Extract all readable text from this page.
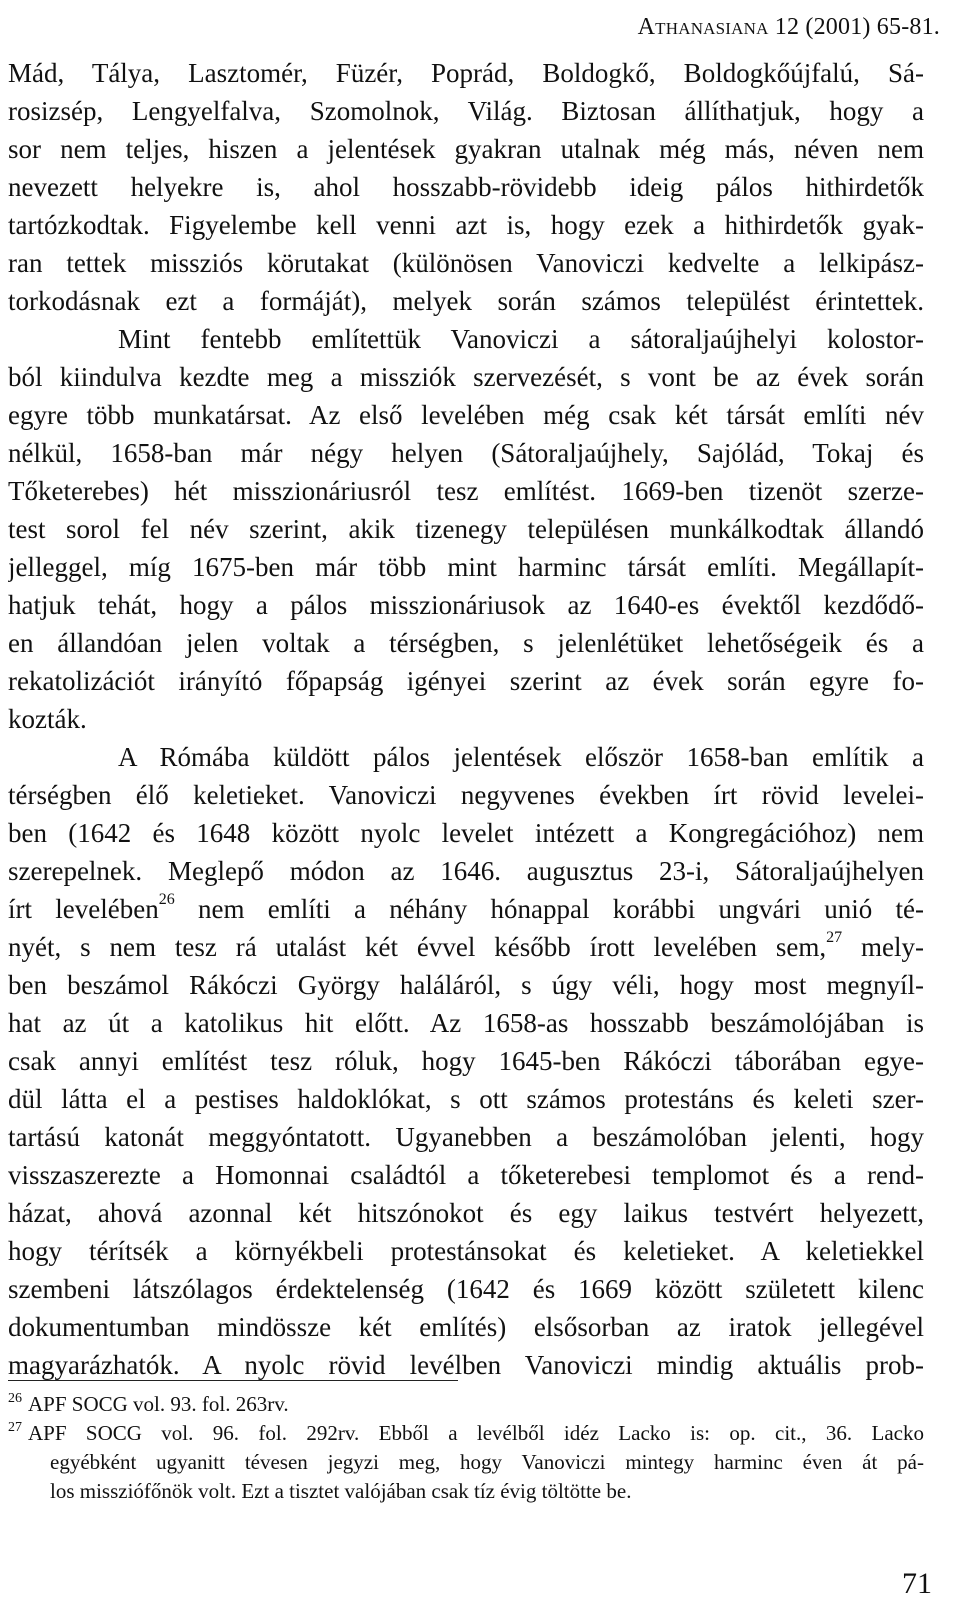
Athanasiana 12 (2001) 65-81.
Mád, Tálya, Lasztomér, Füzér, Poprád, Boldogkő, Boldogkőújfalú, Sá-
rosizsép, Lengyelfalva, Szomolnok, Világ. Biztosan állíthatjuk, hogy a
sor nem teljes, hiszen a jelentések gyakran utalnak még más, néven nem
nevezett helyekre is, ahol hosszabb-rövidebb ideig pálos hithirdetők
tartózkodtak. Figyelembe kell venni azt is, hogy ezek a hithirdetők gyak-
ran tettek missziós körutakat (különösen Vanoviczi kedvelte a lelkipász-
torkodásnak ezt a formáját), melyek során számos települést érintettek.
Mint fentebb említettük Vanoviczi a sátoraljaújhelyi kolostor-
ból kiindulva kezdte meg a missziók szervezését, s vont be az évek során
egyre több munkatársat. Az első levelében még csak két társát említi név
nélkül, 1658-ban már négy helyen (Sátoraljaújhely, Sajólád, Tokaj és
Tőketerebes) hét misszionáriusról tesz említést. 1669-ben tizenöt szerze-
test sorol fel név szerint, akik tizenegy településen munkálkodtak állandó
jelleggel, míg 1675-ben már több mint harminc társát említi. Megállapít-
hatjuk tehát, hogy a pálos misszionáriusok az 1640-es évektől kezdődő-
en állandóan jelen voltak a térségben, s jelenlétüket lehetőségeik és a
rekatolizációt irányító főpapság igényei szerint az évek során egyre fo-
kozták.
A Rómába küldött pálos jelentések először 1658-ban említik a
térségben élő keletieket. Vanoviczi negyvenes években írt rövid levelei-
ben (1642 és 1648 között nyolc levelet intézett a Kongregációhoz) nem
szerepelnek. Meglepő módon az 1646. augusztus 23-i, Sátoraljaújhelyen
írt levelében$^{26}$ nem említi a néhány hónappal korábbi ungvári unió té-
nyét, s nem tesz rá utalást két évvel később írott levelében sem,$^{27}$ mely-
ben beszámol Rákóczi György haláláról, s úgy véli, hogy most megnyíl-
hat az út a katolikus hit előtt. Az 1658-as hosszabb beszámolójában is
csak annyi említést tesz róluk, hogy 1645-ben Rákóczi táborában egye-
dül látta el a pestises haldoklókat, s ott számos protestáns és keleti szer-
tartású katonát meggyóntatott. Ugyanebben a beszámolóban jelenti, hogy
visszaszerezte a Homonnai családtól a tőketerebesi templomot és a rend-
házat, ahová azonnal két hitszónokot és egy laikus testvért helyezett,
hogy térítsék a környékbeli protestánsokat és keletieket. A keletiekkel
szembeni látszólagos érdektelenség (1642 és 1669 között született kilenc
dokumentumban mindössze két említés) elsősorban az iratok jellegével
magyarázhatók. A nyolc rövid levélben Vanoviczi mindig aktuális prob-
$^{26}$ APF SOCG vol. 93. fol. 263rv.
$^{27}$ APF SOCG vol. 96. fol. 292rv. Ebből a levélből idéz Lacko is: op. cit., 36. Lacko
egyébként ugyanitt tévesen jegyzi meg, hogy Vanoviczi mintegy harminc éven át pá-
los missziófőnök volt. Ezt a tisztet valójában csak tíz évig töltötte be.
71
